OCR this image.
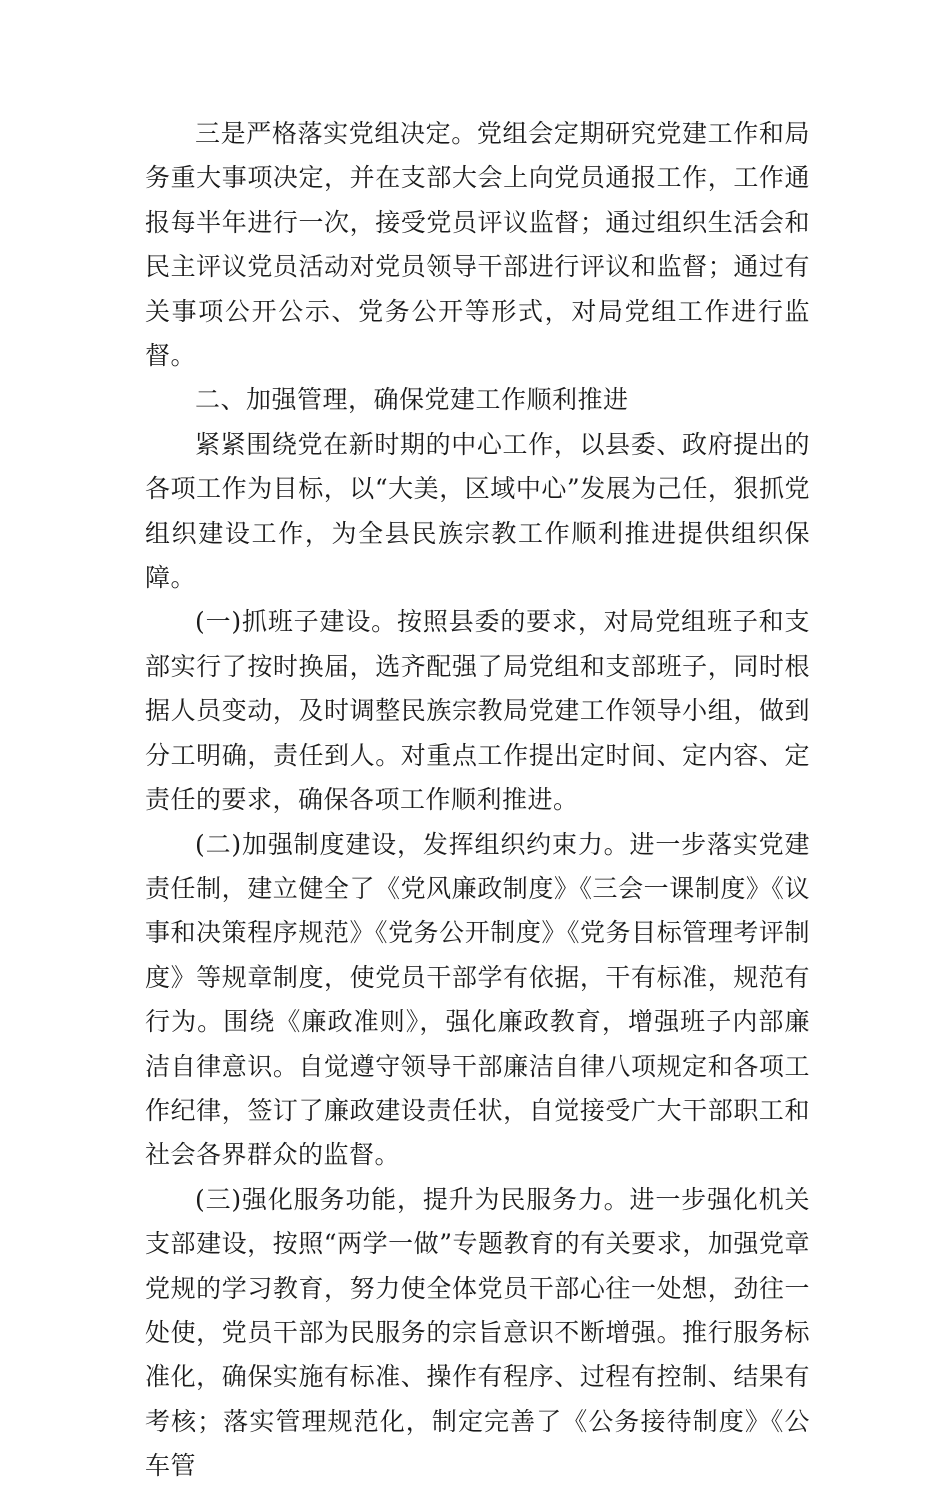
三是严格落实党组决定。党组会定期研究党建工作和局务重大事项决定，并在支部大会上向党员通报工作，工作通报每半年进行一次，接受党员评议监督；通过组织生活会和民主评议党员活动对党员领导干部进行评议和监督；通过有关事项公开公示、党务公开等形式，对局党组工作进行监督。

二、加强管理，确保党建工作顺利推进

紧紧围绕党在新时期的中心工作，以县委、政府提出的各项工作为目标，以“大美，区域中心”发展为己任，狠抓党组织建设工作，为全县民族宗教工作顺利推进提供组织保障。

(一)抓班子建设。按照县委的要求，对局党组班子和支部实行了按时换届，选齐配强了局党组和支部班子，同时根据人员变动，及时调整民族宗教局党建工作领导小组，做到分工明确，责任到人。对重点工作提出定时间、定内容、定责任的要求，确保各项工作顺利推进。

(二)加强制度建设，发挥组织约束力。进一步落实党建责任制，建立健全了《党风廉政制度》《三会一课制度》《议事和决策程序规范》《党务公开制度》《党务目标管理考评制度》等规章制度，使党员干部学有依据，干有标准，规范有行为。围绕《廉政准则》，强化廉政教育，增强班子内部廉洁自律意识。自觉遵守领导干部廉洁自律八项规定和各项工作纪律，签订了廉政建设责任状，自觉接受广大干部职工和社会各界群众的监督。

(三)强化服务功能，提升为民服务力。进一步强化机关支部建设，按照“两学一做”专题教育的有关要求，加强党章党规的学习教育，努力使全体党员干部心往一处想，劲往一处使，党员干部为民服务的宗旨意识不断增强。推行服务标准化，确保实施有标准、操作有程序、过程有控制、结果有考核；落实管理规范化，制定完善了《公务接待制度》《公车管
